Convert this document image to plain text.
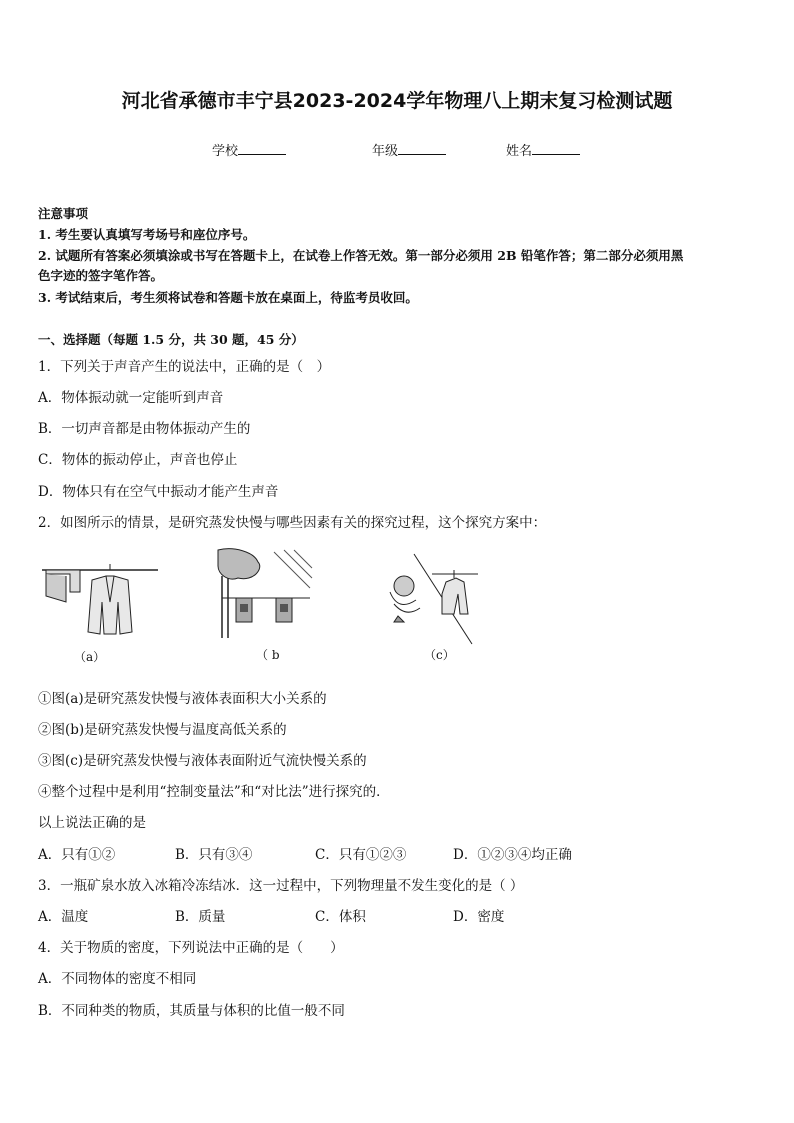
河北省承德市丰宁县2023-2024学年物理八上期末复习检测试题
学校	年级	姓名
注意事项
1. 考生要认真填写考场号和座位序号。
2. 试题所有答案必须填涂或书写在答题卡上，在试卷上作答无效。第一部分必须用 2B 铅笔作答；第二部分必须用黑
色字迹的签字笔作答。
3. 考试结束后，考生须将试卷和答题卡放在桌面上，待监考员收回。
一、选择题（每题 1.5 分，共 30 题，45 分）
1．下列关于声音产生的说法中，正确的是（　）
A．物体振动就一定能听到声音
B．一切声音都是由物体振动产生的
C．物体的振动停止，声音也停止
D．物体只有在空气中振动才能产生声音
2．如图所示的情景，是研究蒸发快慢与哪些因素有关的探究过程，这个探究方案中：
（a）	（ b	（c）
①图(a)是研究蒸发快慢与液体表面积大小关系的
②图(b)是研究蒸发快慢与温度高低关系的
③图(c)是研究蒸发快慢与液体表面附近气流快慢关系的
④整个过程中是利用“控制变量法”和“对比法”进行探究的．
以上说法正确的是
A．只有①②	B．只有③④	C．只有①②③	D．①②③④均正确
3．一瓶矿泉水放入冰箱冷冻结冰．这一过程中，下列物理量不发生变化的是（ ）
A．温度	B．质量	C．体积	D．密度
4．关于物质的密度，下列说法中正确的是（　　）
A．不同物体的密度不相同
B．不同种类的物质，其质量与体积的比值一般不同
